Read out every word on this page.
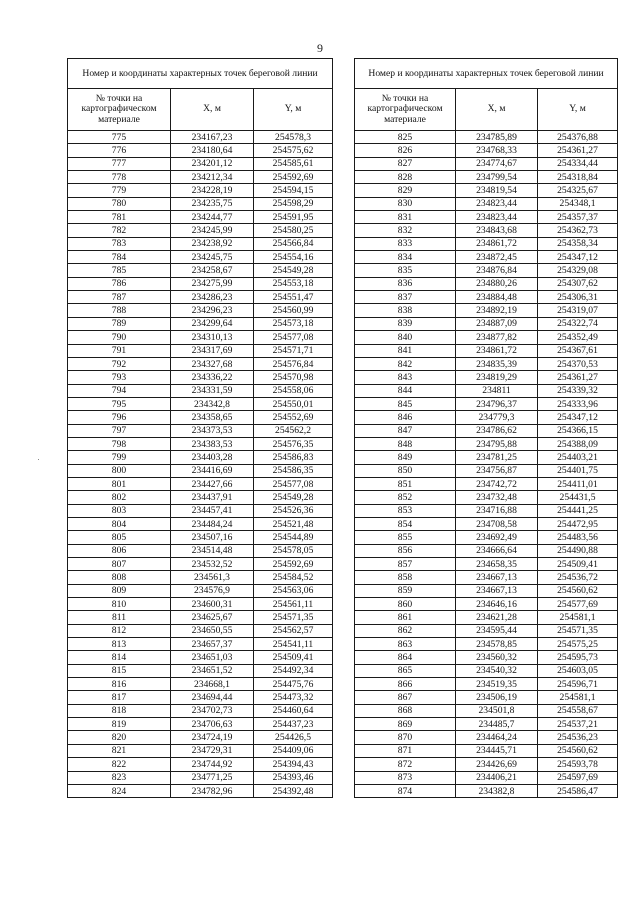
9
Номер и координаты характерных точек береговой линии		
№ точки на картографическом материале	X, м	Y, м
775	234167,23	254578,3
776	234180,64	254575,62
777	234201,12	254585,61
778	234212,34	254592,69
779	234228,19	254594,15
780	234235,75	254598,29
781	234244,77	254591,95
782	234245,99	254580,25
783	234238,92	254566,84
784	234245,75	254554,16
785	234258,67	254549,28
786	234275,99	254553,18
787	234286,23	254551,47
788	234296,23	254560,99
789	234299,64	254573,18
790	234310,13	254577,08
791	234317,69	254571,71
792	234327,68	254576,84
793	234336,22	254570,98
794	234331,59	254558,06
795	234342,8	254550,01
796	234358,65	254552,69
797	234373,53	254562,2
798	234383,53	254576,35
799	234403,28	254586,83
800	234416,69	254586,35
801	234427,66	254577,08
802	234437,91	254549,28
803	234457,41	254526,36
804	234484,24	254521,48
805	234507,16	254544,89
806	234514,48	254578,05
807	234532,52	254592,69
808	234561,3	254584,52
809	234576,9	254563,06
810	234600,31	254561,11
811	234625,67	254571,35
812	234650,55	254562,57
813	234657,37	254541,11
814	234651,03	254509,41
815	234651,52	254492,34
816	234668,1	254475,76
817	234694,44	254473,32
818	234702,73	254460,64
819	234706,63	254437,23
820	234724,19	254426,5
821	234729,31	254409,06
822	234744,92	254394,43
823	234771,25	254393,46
824	234782,96	254392,48
Номер и координаты характерных точек береговой линии		
№ точки на картографическом материале	X, м	Y, м
825	234785,89	254376,88
826	234768,33	254361,27
827	234774,67	254334,44
828	234799,54	254318,84
829	234819,54	254325,67
830	234823,44	254348,1
831	234823,44	254357,37
832	234843,68	254362,73
833	234861,72	254358,34
834	234872,45	254347,12
835	234876,84	254329,08
836	234880,26	254307,62
837	234884,48	254306,31
838	234892,19	254319,07
839	234887,09	254322,74
840	234877,82	254352,49
841	234861,72	254367,61
842	234835,39	254370,53
843	234819,29	254361,27
844	234811	254339,32
845	234796,37	254333,96
846	234779,3	254347,12
847	234786,62	254366,15
848	234795,88	254388,09
849	234781,25	254403,21
850	234756,87	254401,75
851	234742,72	254411,01
852	234732,48	254431,5
853	234716,88	254441,25
854	234708,58	254472,95
855	234692,49	254483,56
856	234666,64	254490,88
857	234658,35	254509,41
858	234667,13	254536,72
859	234667,13	254560,62
860	234646,16	254577,69
861	234621,28	254581,1
862	234595,44	254571,35
863	234578,85	254575,25
864	234560,32	254595,73
865	234540,32	254603,05
866	234519,35	254596,71
867	234506,19	254581,1
868	234501,8	254558,67
869	234485,7	254537,21
870	234464,24	254536,23
871	234445,71	254560,62
872	234426,69	254593,78
873	234406,21	254597,69
874	234382,8	254586,47
